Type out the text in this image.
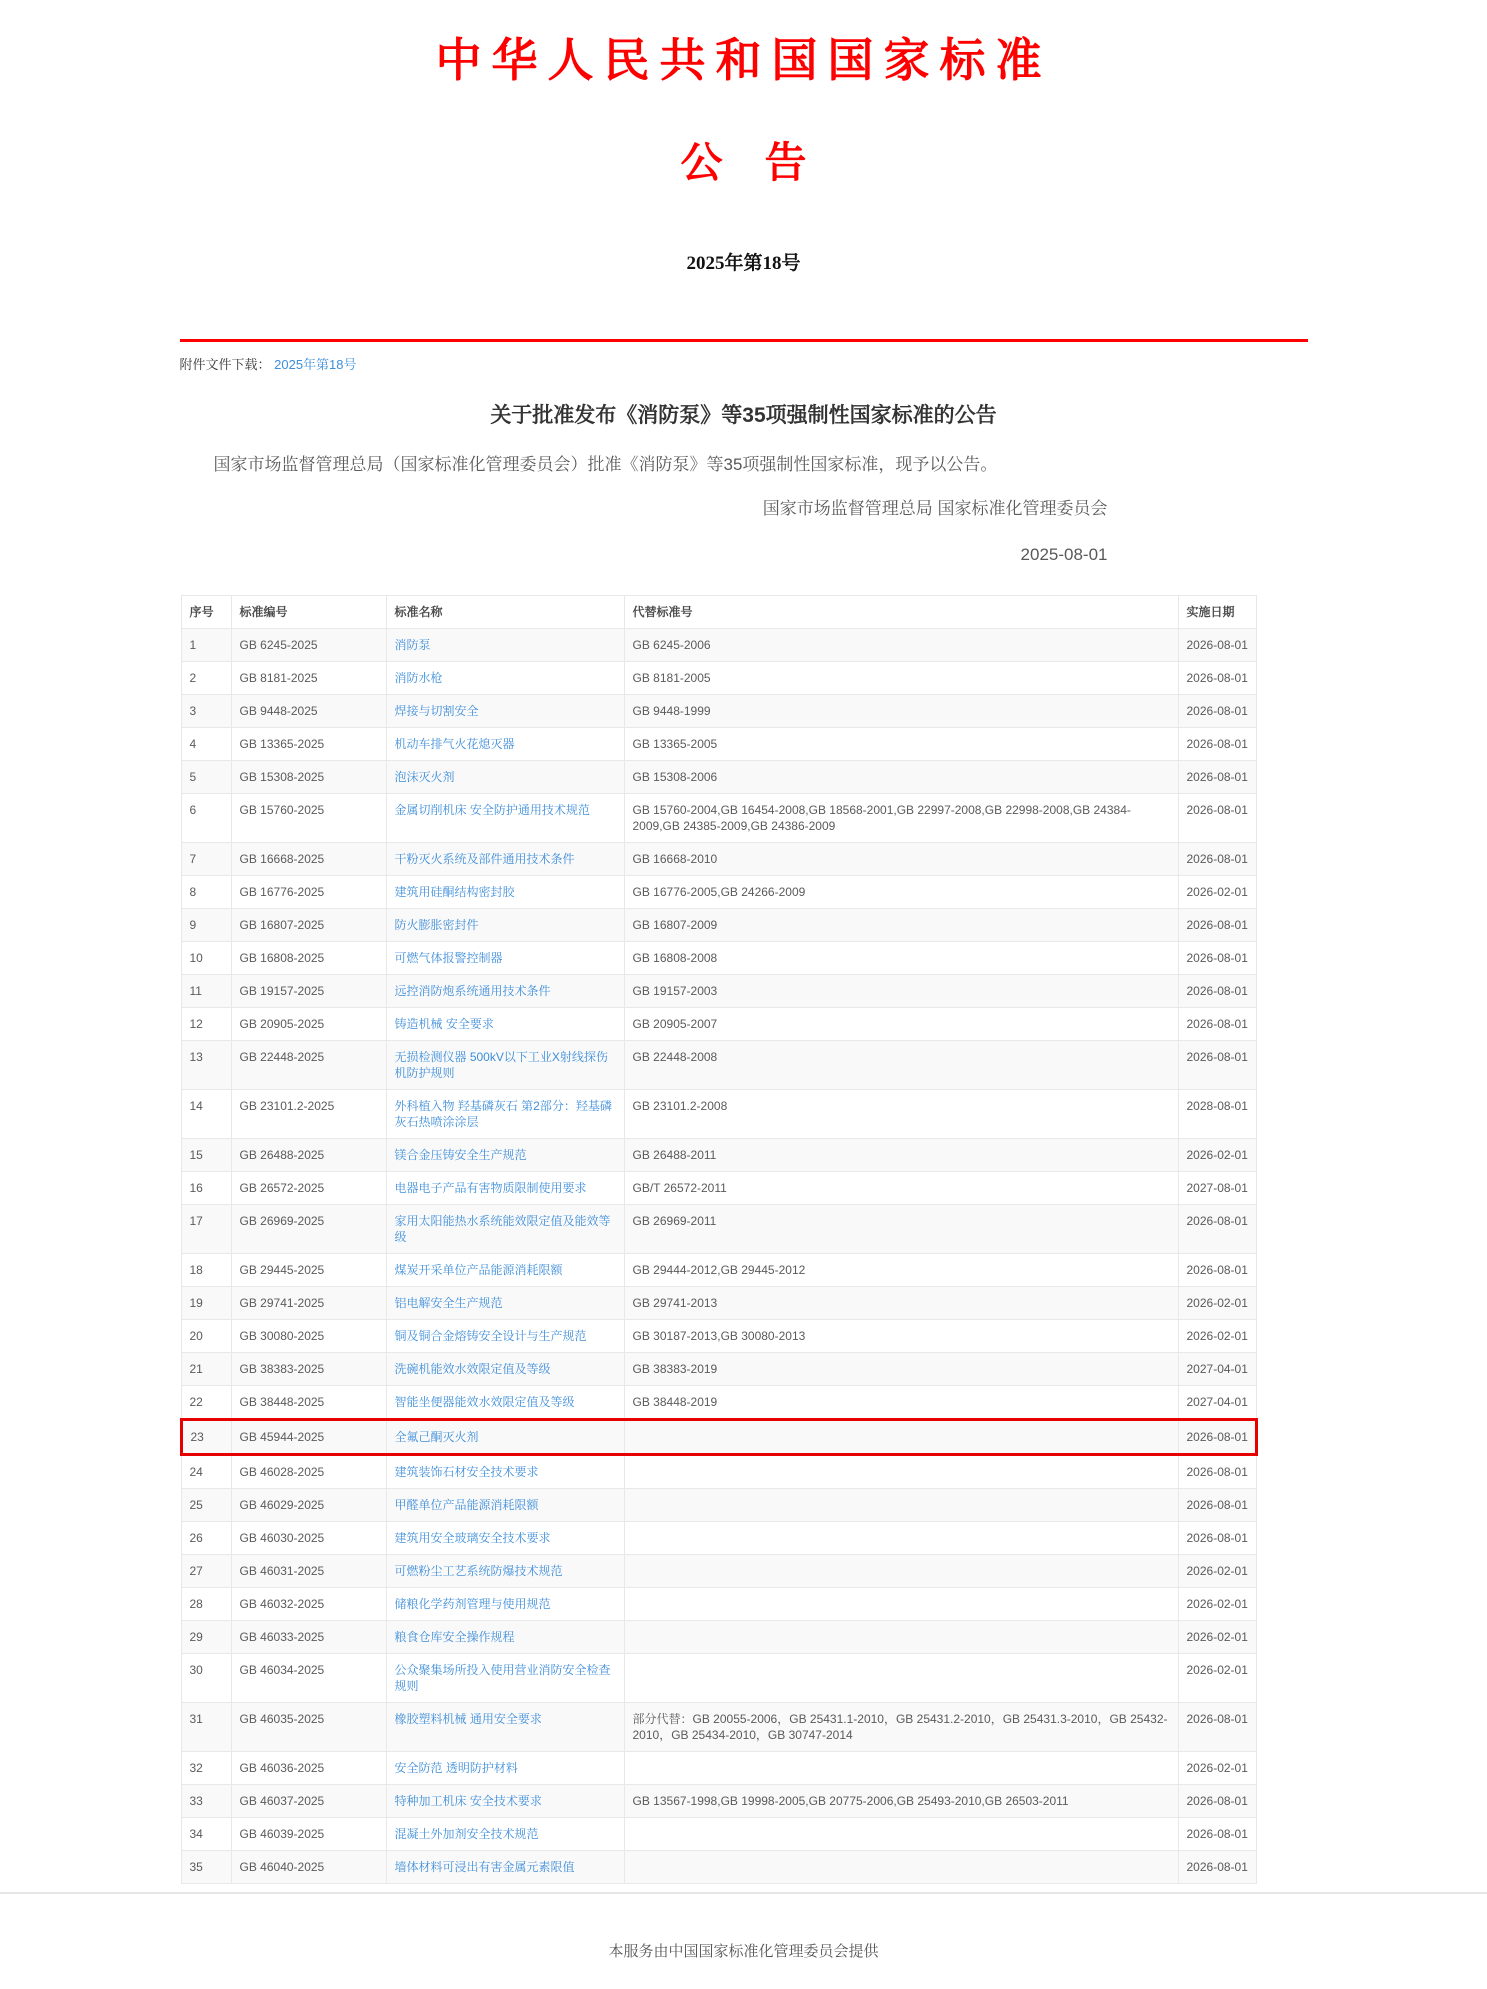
中华人民共和国国家标准
公　告
2025年第18号
附件文件下载： 2025年第18号
关于批准发布《消防泵》等35项强制性国家标准的公告
国家市场监督管理总局（国家标准化管理委员会）批准《消防泵》等35项强制性国家标准，现予以公告。
国家市场监督管理总局 国家标准化管理委员会
2025-08-01
序号	标准编号	标准名称	代替标准号	实施日期
1	GB 6245-2025	消防泵	GB 6245-2006	2026-08-01
2	GB 8181-2025	消防水枪	GB 8181-2005	2026-08-01
3	GB 9448-2025	焊接与切割安全	GB 9448-1999	2026-08-01
4	GB 13365-2025	机动车排气火花熄灭器	GB 13365-2005	2026-08-01
5	GB 15308-2025	泡沫灭火剂	GB 15308-2006	2026-08-01
6	GB 15760-2025	金属切削机床 安全防护通用技术规范	GB 15760-2004,GB 16454-2008,GB 18568-2001,GB 22997-2008,GB 22998-2008,GB 24384-2009,GB 24385-2009,GB 24386-2009	2026-08-01
7	GB 16668-2025	干粉灭火系统及部件通用技术条件	GB 16668-2010	2026-08-01
8	GB 16776-2025	建筑用硅酮结构密封胶	GB 16776-2005,GB 24266-2009	2026-02-01
9	GB 16807-2025	防火膨胀密封件	GB 16807-2009	2026-08-01
10	GB 16808-2025	可燃气体报警控制器	GB 16808-2008	2026-08-01
11	GB 19157-2025	远控消防炮系统通用技术条件	GB 19157-2003	2026-08-01
12	GB 20905-2025	铸造机械 安全要求	GB 20905-2007	2026-08-01
13	GB 22448-2025	无损检测仪器 500kV以下工业X射线探伤机防护规则	GB 22448-2008	2026-08-01
14	GB 23101.2-2025	外科植入物 羟基磷灰石 第2部分：羟基磷灰石热喷涂涂层	GB 23101.2-2008	2028-08-01
15	GB 26488-2025	镁合金压铸安全生产规范	GB 26488-2011	2026-02-01
16	GB 26572-2025	电器电子产品有害物质限制使用要求	GB/T 26572-2011	2027-08-01
17	GB 26969-2025	家用太阳能热水系统能效限定值及能效等级	GB 26969-2011	2026-08-01
18	GB 29445-2025	煤炭开采单位产品能源消耗限额	GB 29444-2012,GB 29445-2012	2026-08-01
19	GB 29741-2025	铝电解安全生产规范	GB 29741-2013	2026-02-01
20	GB 30080-2025	铜及铜合金熔铸安全设计与生产规范	GB 30187-2013,GB 30080-2013	2026-02-01
21	GB 38383-2025	洗碗机能效水效限定值及等级	GB 38383-2019	2027-04-01
22	GB 38448-2025	智能坐便器能效水效限定值及等级	GB 38448-2019	2027-04-01
23	GB 45944-2025	全氟己酮灭火剂		2026-08-01
24	GB 46028-2025	建筑装饰石材安全技术要求		2026-08-01
25	GB 46029-2025	甲醛单位产品能源消耗限额		2026-08-01
26	GB 46030-2025	建筑用安全玻璃安全技术要求		2026-08-01
27	GB 46031-2025	可燃粉尘工艺系统防爆技术规范		2026-02-01
28	GB 46032-2025	储粮化学药剂管理与使用规范		2026-02-01
29	GB 46033-2025	粮食仓库安全操作规程		2026-02-01
30	GB 46034-2025	公众聚集场所投入使用营业消防安全检查规则		2026-02-01
31	GB 46035-2025	橡胶塑料机械 通用安全要求	部分代替：GB 20055-2006，GB 25431.1-2010，GB 25431.2-2010，GB 25431.3-2010，GB 25432-2010，GB 25434-2010，GB 30747-2014	2026-08-01
32	GB 46036-2025	安全防范 透明防护材料		2026-02-01
33	GB 46037-2025	特种加工机床 安全技术要求	GB 13567-1998,GB 19998-2005,GB 20775-2006,GB 25493-2010,GB 26503-2011	2026-08-01
34	GB 46039-2025	混凝土外加剂安全技术规范		2026-08-01
35	GB 46040-2025	墙体材料可浸出有害金属元素限值		2026-08-01
本服务由中国国家标准化管理委员会提供
